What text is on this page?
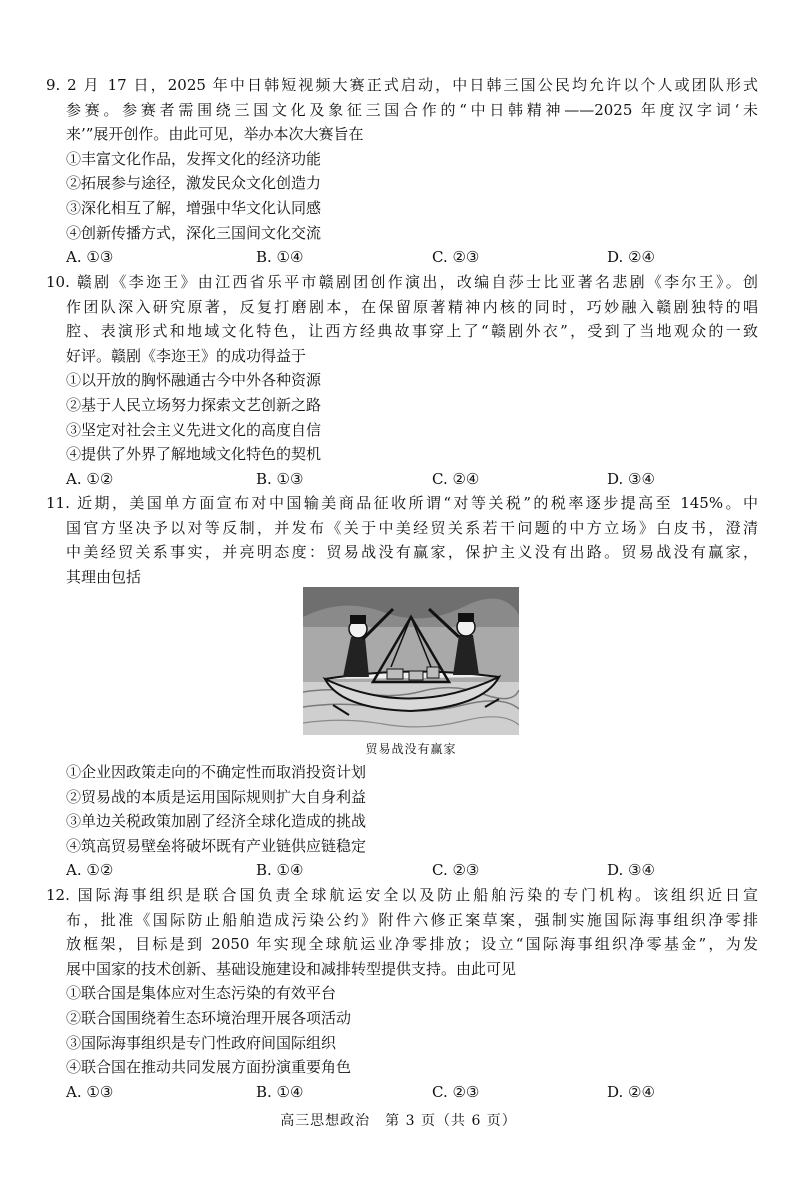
9. 2 月 17 日，2025 年中日韩短视频大赛正式启动，中日韩三国公民均允许以个人或团队形式
参赛。参赛者需围绕三国文化及象征三国合作的“中日韩精神——2025 年度汉字词‘未
来’”展开创作。由此可见，举办本次大赛旨在
①丰富文化作品，发挥文化的经济功能
②拓展参与途径，激发民众文化创造力
③深化相互了解，增强中华文化认同感
④创新传播方式，深化三国间文化交流
A. ①③	B. ①④	C. ②③	D. ②④
10. 赣剧《李迩王》由江西省乐平市赣剧团创作演出，改编自莎士比亚著名悲剧《李尔王》。创
作团队深入研究原著，反复打磨剧本，在保留原著精神内核的同时，巧妙融入赣剧独特的唱
腔、表演形式和地域文化特色，让西方经典故事穿上了“赣剧外衣”，受到了当地观众的一致
好评。赣剧《李迩王》的成功得益于
①以开放的胸怀融通古今中外各种资源
②基于人民立场努力探索文艺创新之路
③坚定对社会主义先进文化的高度自信
④提供了外界了解地域文化特色的契机
A. ①②	B. ①③	C. ②④	D. ③④
11. 近期，美国单方面宣布对中国输美商品征收所谓“对等关税”的税率逐步提高至 145%。中
国官方坚决予以对等反制，并发布《关于中美经贸关系若干问题的中方立场》白皮书，澄清
中美经贸关系事实，并亮明态度：贸易战没有赢家，保护主义没有出路。贸易战没有赢家，
其理由包括
贸易战没有赢家
①企业因政策走向的不确定性而取消投资计划
②贸易战的本质是运用国际规则扩大自身利益
③单边关税政策加剧了经济全球化造成的挑战
④筑高贸易壁垒将破坏既有产业链供应链稳定
A. ①②	B. ①④	C. ②③	D. ③④
12. 国际海事组织是联合国负责全球航运安全以及防止船舶污染的专门机构。该组织近日宣
布，批准《国际防止船舶造成污染公约》附件六修正案草案，强制实施国际海事组织净零排
放框架，目标是到 2050 年实现全球航运业净零排放；设立“国际海事组织净零基金”，为发
展中国家的技术创新、基础设施建设和减排转型提供支持。由此可见
①联合国是集体应对生态污染的有效平台
②联合国围绕着生态环境治理开展各项活动
③国际海事组织是专门性政府间国际组织
④联合国在推动共同发展方面扮演重要角色
A. ①③	B. ①④	C. ②③	D. ②④
高三思想政治　第 3 页（共 6 页）
